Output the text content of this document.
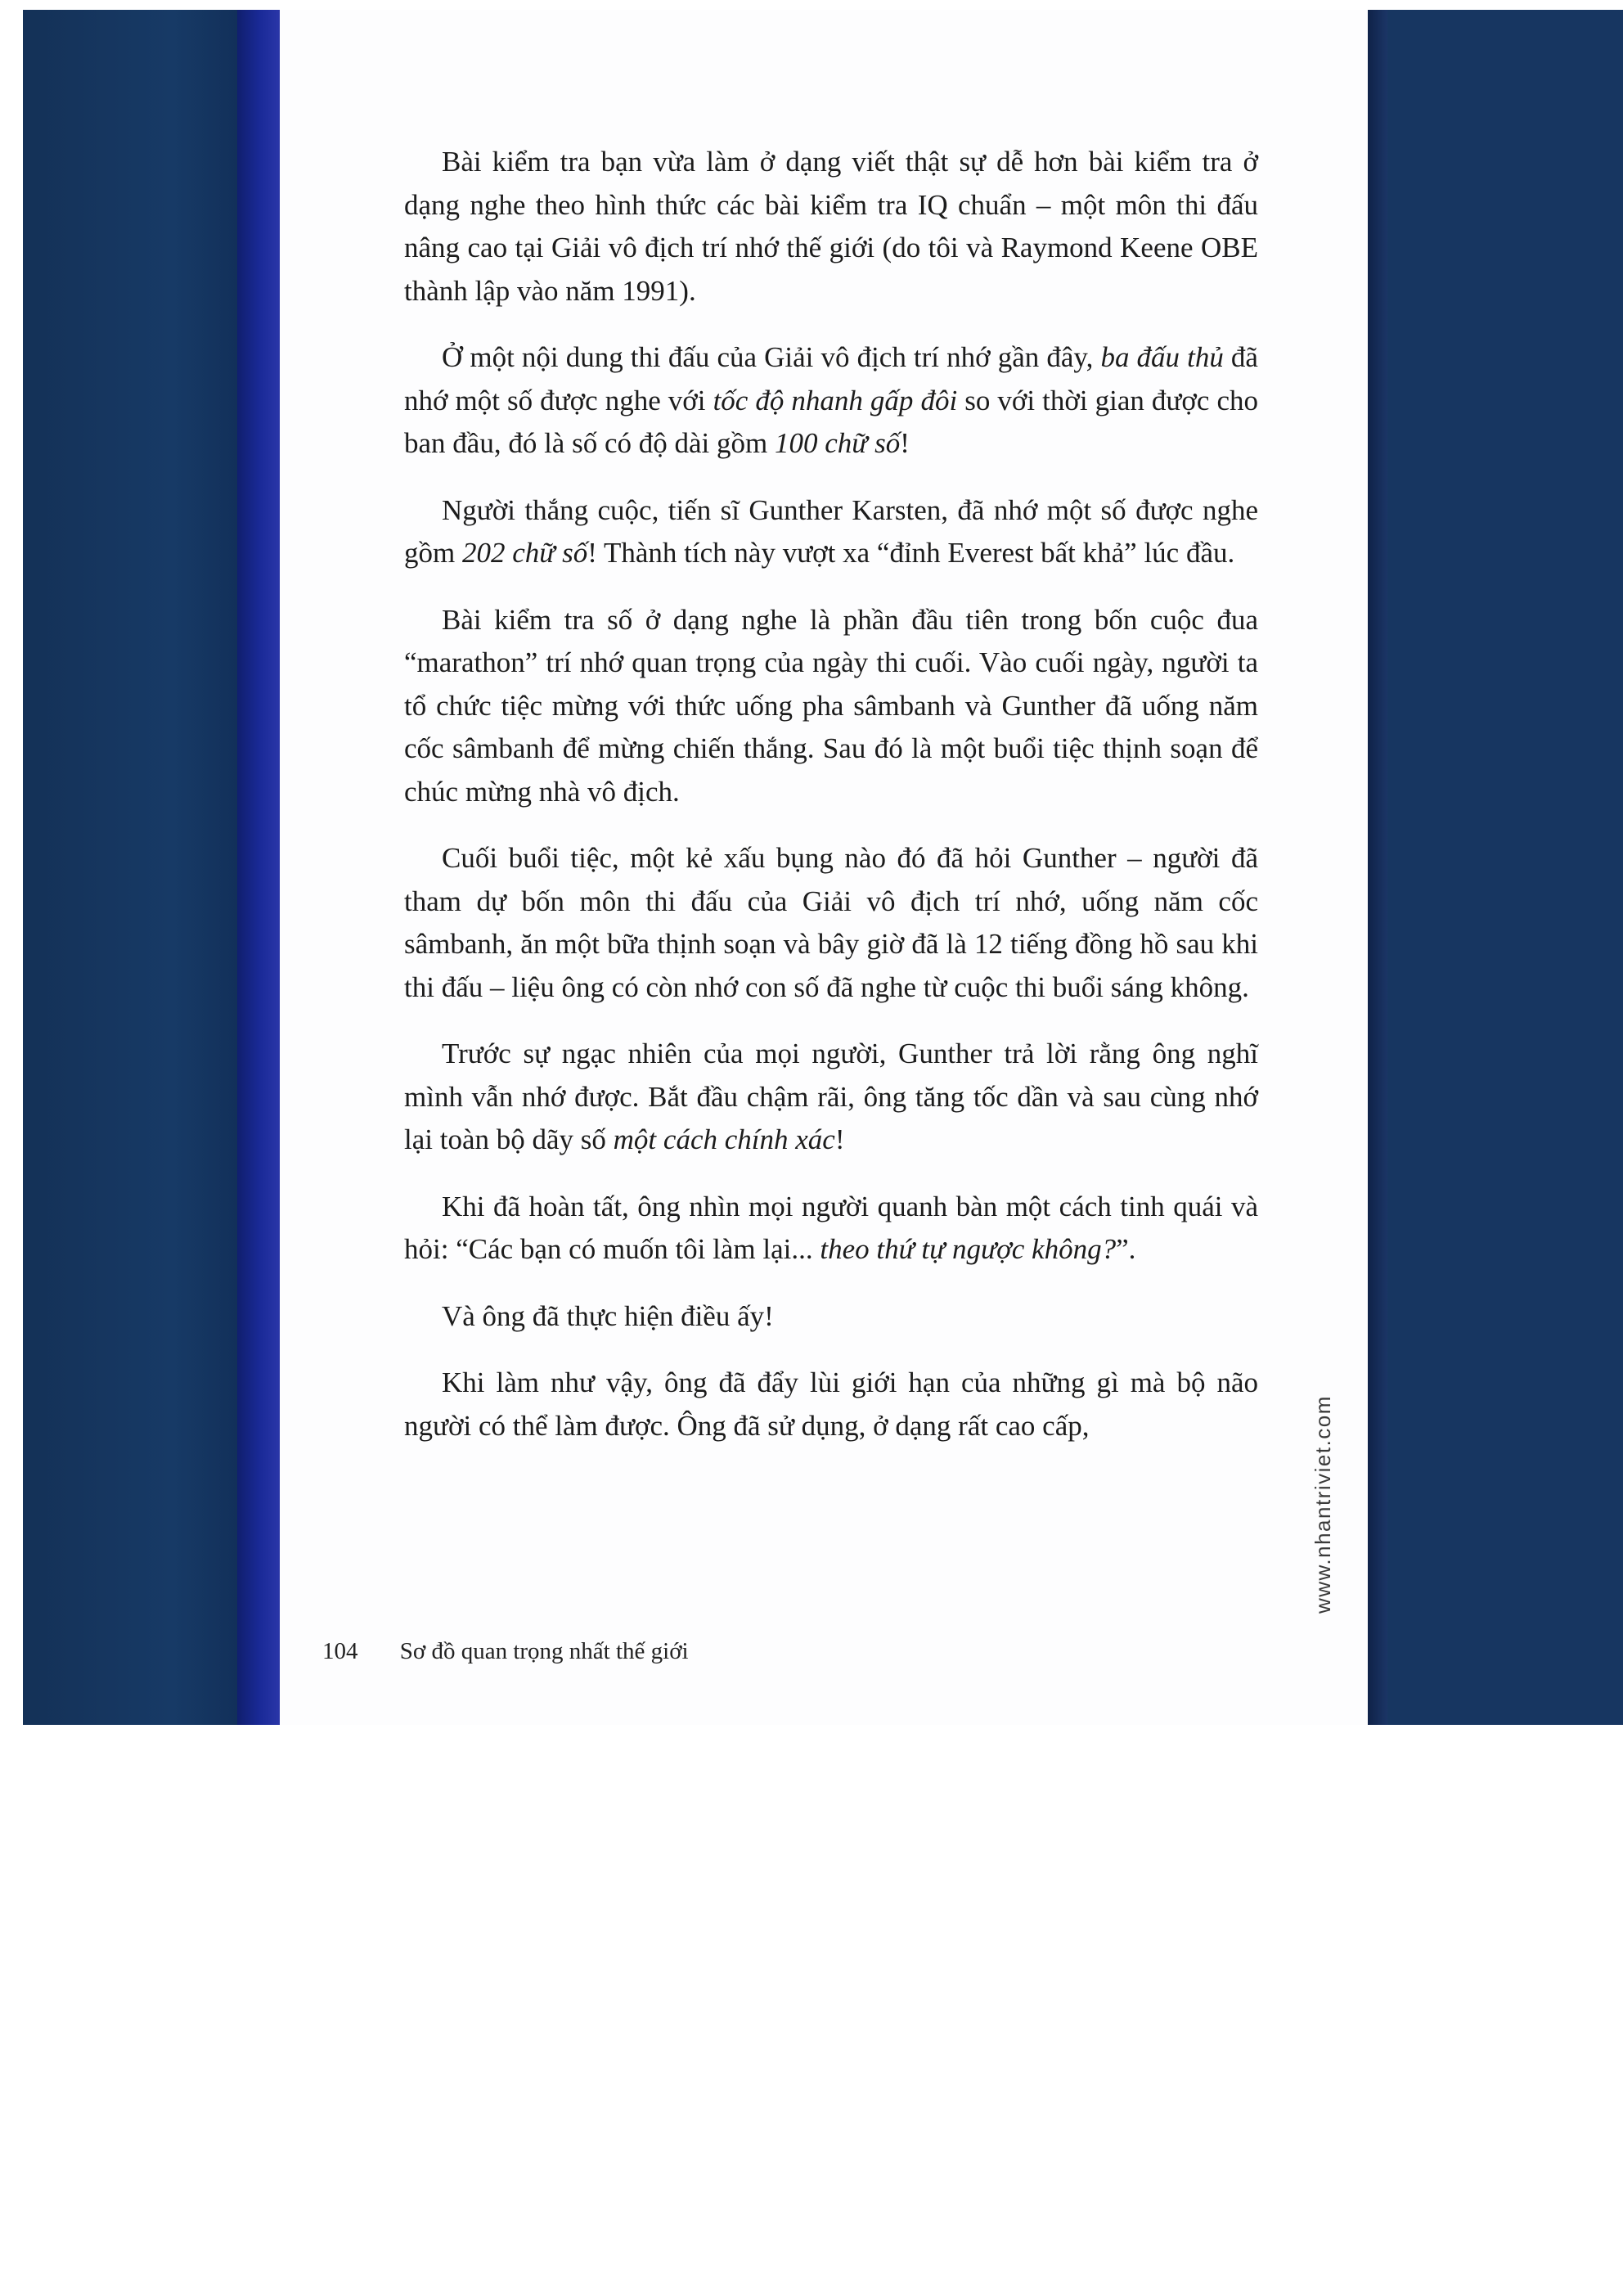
Bài kiểm tra bạn vừa làm ở dạng viết thật sự dễ hơn bài kiểm tra ở dạng nghe theo hình thức các bài kiểm tra IQ chuẩn – một môn thi đấu nâng cao tại Giải vô địch trí nhớ thế giới (do tôi và Raymond Keene OBE thành lập vào năm 1991).

Ở một nội dung thi đấu của Giải vô địch trí nhớ gần đây, ba đấu thủ đã nhớ một số được nghe với tốc độ nhanh gấp đôi so với thời gian được cho ban đầu, đó là số có độ dài gồm 100 chữ số!

Người thắng cuộc, tiến sĩ Gunther Karsten, đã nhớ một số được nghe gồm 202 chữ số! Thành tích này vượt xa “đỉnh Everest bất khả” lúc đầu.

Bài kiểm tra số ở dạng nghe là phần đầu tiên trong bốn cuộc đua “marathon” trí nhớ quan trọng của ngày thi cuối. Vào cuối ngày, người ta tổ chức tiệc mừng với thức uống pha sâmbanh và Gunther đã uống năm cốc sâmbanh để mừng chiến thắng. Sau đó là một buổi tiệc thịnh soạn để chúc mừng nhà vô địch.

Cuối buổi tiệc, một kẻ xấu bụng nào đó đã hỏi Gunther – người đã tham dự bốn môn thi đấu của Giải vô địch trí nhớ, uống năm cốc sâmbanh, ăn một bữa thịnh soạn và bây giờ đã là 12 tiếng đồng hồ sau khi thi đấu – liệu ông có còn nhớ con số đã nghe từ cuộc thi buổi sáng không.

Trước sự ngạc nhiên của mọi người, Gunther trả lời rằng ông nghĩ mình vẫn nhớ được. Bắt đầu chậm rãi, ông tăng tốc dần và sau cùng nhớ lại toàn bộ dãy số một cách chính xác!

Khi đã hoàn tất, ông nhìn mọi người quanh bàn một cách tinh quái và hỏi: “Các bạn có muốn tôi làm lại... theo thứ tự ngược không?”.

Và ông đã thực hiện điều ấy!

Khi làm như vậy, ông đã đẩy lùi giới hạn của những gì mà bộ não người có thể làm được. Ông đã sử dụng, ở dạng rất cao cấp,

104 Sơ đồ quan trọng nhất thế giới
www.nhantriviet.com
